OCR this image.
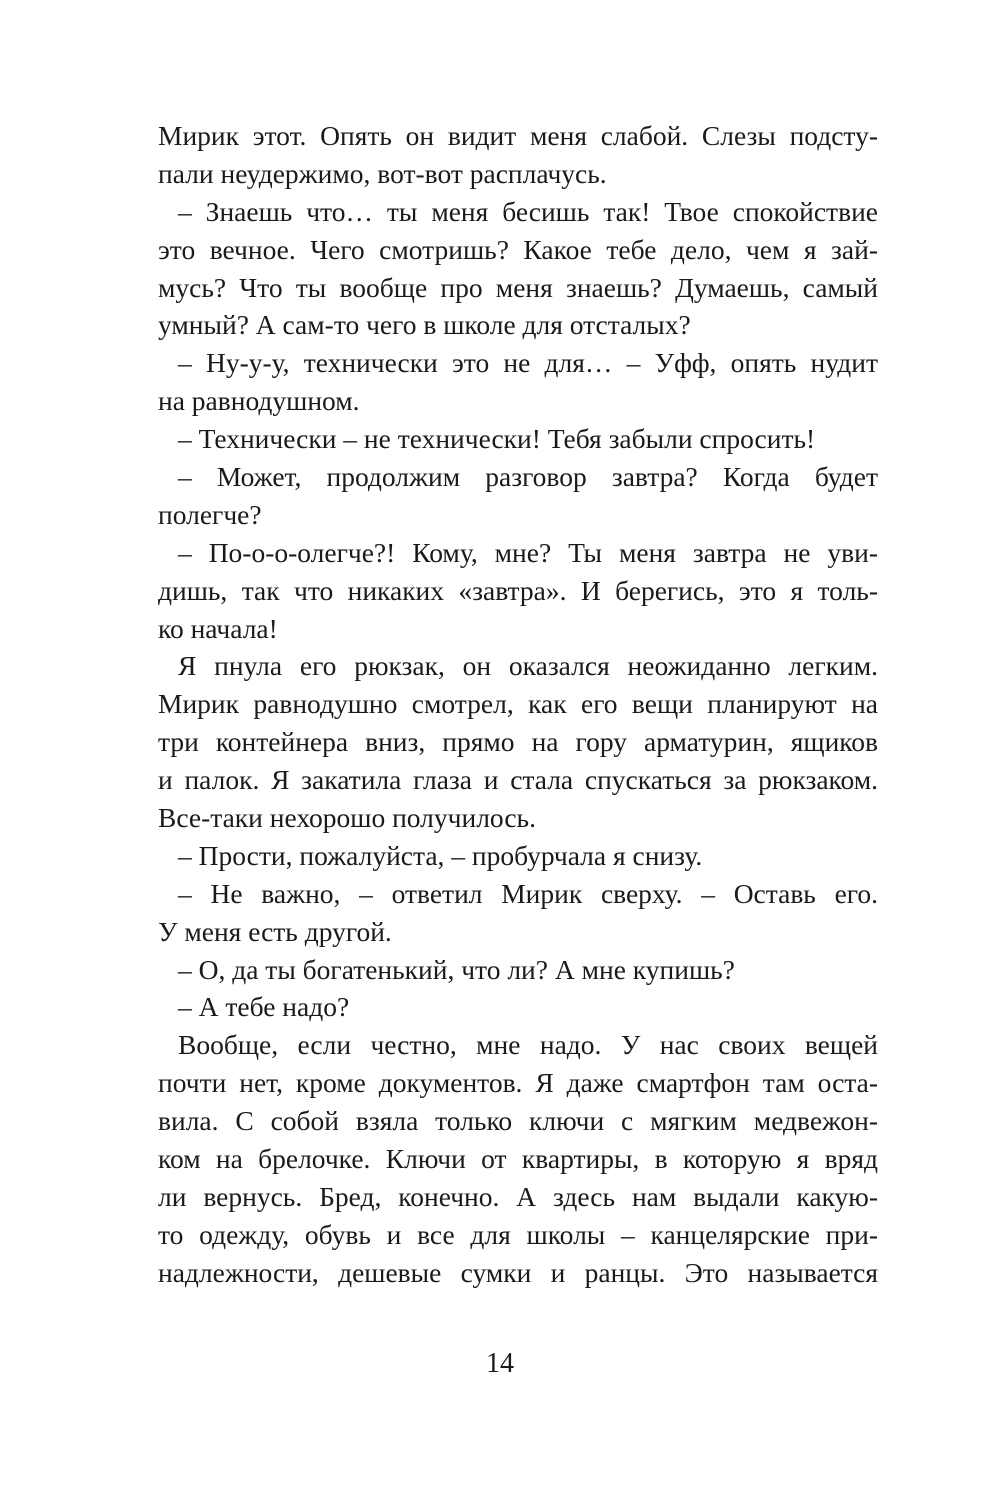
Мирик этот. Опять он видит меня слабой. Слезы подсту-
пали неудержимо, вот-вот расплачусь.
– Знаешь что… ты меня бесишь так! Твое спокойствие
это вечное. Чего смотришь? Какое тебе дело, чем я зай-
мусь? Что ты вообще про меня знаешь? Думаешь, самый
умный? А сам-то чего в школе для отсталых?
– Ну-у-у, технически это не для… – Уфф, опять нудит
на равнодушном.
– Технически – не технически! Тебя забыли спросить!
– Может, продолжим разговор завтра? Когда будет
полегче?
– По-о-о-олегче?! Кому, мне? Ты меня завтра не уви-
дишь, так что никаких «завтра». И берегись, это я толь-
ко начала!
Я пнула его рюкзак, он оказался неожиданно легким.
Мирик равнодушно смотрел, как его вещи планируют на
три контейнера вниз, прямо на гору арматурин, ящиков
и палок. Я закатила глаза и стала спускаться за рюкзаком.
Все-таки нехорошо получилось.
– Прости, пожалуйста, – пробурчала я снизу.
– Не важно, – ответил Мирик сверху. – Оставь его.
У меня есть другой.
– О, да ты богатенький, что ли? А мне купишь?
– А тебе надо?
Вообще, если честно, мне надо. У нас своих вещей
почти нет, кроме документов. Я даже смартфон там оста-
вила. С собой взяла только ключи с мягким медвежон-
ком на брелочке. Ключи от квартиры, в которую я вряд
ли вернусь. Бред, конечно. А здесь нам выдали какую-
то одежду, обувь и все для школы – канцелярские при-
надлежности, дешевые сумки и ранцы. Это называется
14
